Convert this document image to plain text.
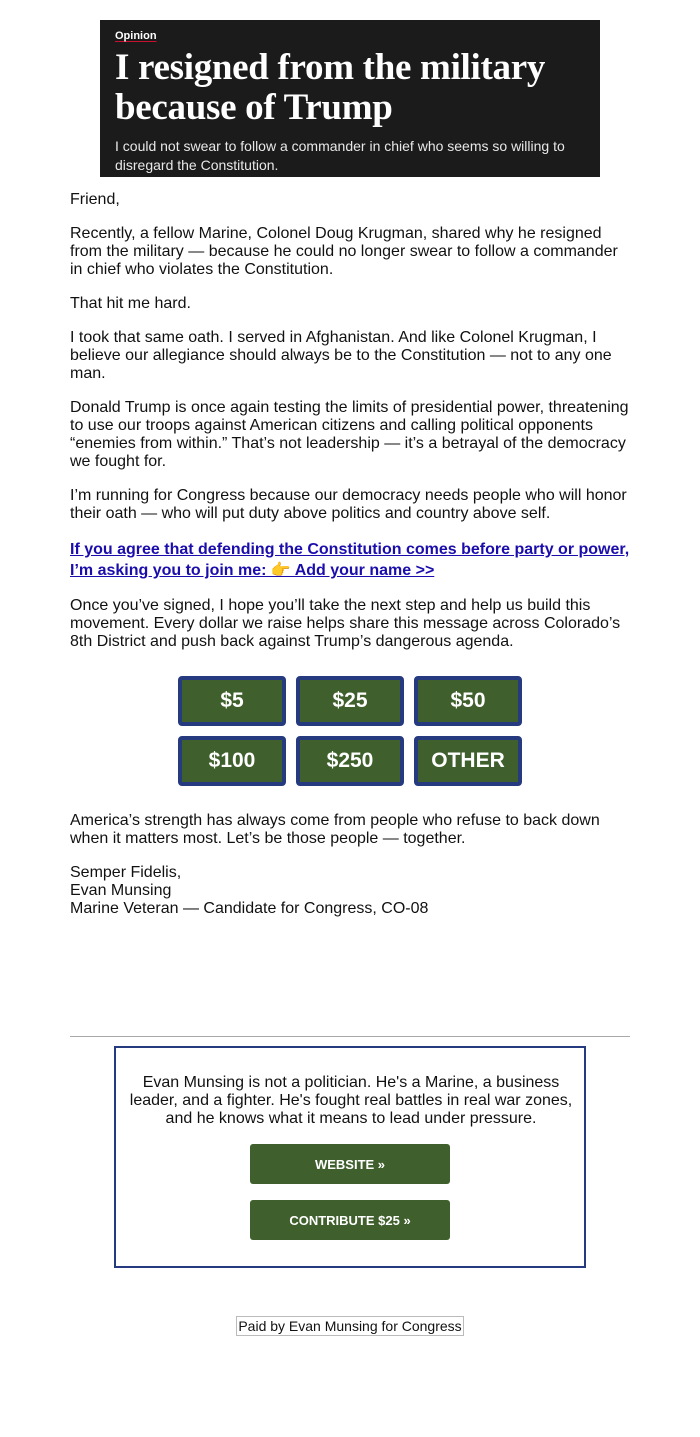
Opinion
I resigned from the military because of Trump

I could not swear to follow a commander in chief who seems so willing to disregard the Constitution.

Friend,

Recently, a fellow Marine, Colonel Doug Krugman, shared why he resigned from the military — because he could no longer swear to follow a commander in chief who violates the Constitution.

That hit me hard.

I took that same oath. I served in Afghanistan. And like Colonel Krugman, I believe our allegiance should always be to the Constitution — not to any one man.

Donald Trump is once again testing the limits of presidential power, threatening to use our troops against American citizens and calling political opponents “enemies from within.” That’s not leadership — it’s a betrayal of the democracy we fought for.

I’m running for Congress because our democracy needs people who will honor their oath — who will put duty above politics and country above self.

If you agree that defending the Constitution comes before party or power, I’m asking you to join me: 👉 Add your name >>

Once you’ve signed, I hope you’ll take the next step and help us build this movement. Every dollar we raise helps share this message across Colorado’s 8th District and push back against Trump’s dangerous agenda.

$5	$25	$50
$100	$250	OTHER

America’s strength has always come from people who refuse to back down when it matters most. Let’s be those people — together.

Semper Fidelis,
Evan Munsing
Marine Veteran — Candidate for Congress, CO-08

Evan Munsing is not a politician. He's a Marine, a business leader, and a fighter. He's fought real battles in real war zones, and he knows what it means to lead under pressure.

WEBSITE »
CONTRIBUTE $25 »
Paid by Evan Munsing for Congress
